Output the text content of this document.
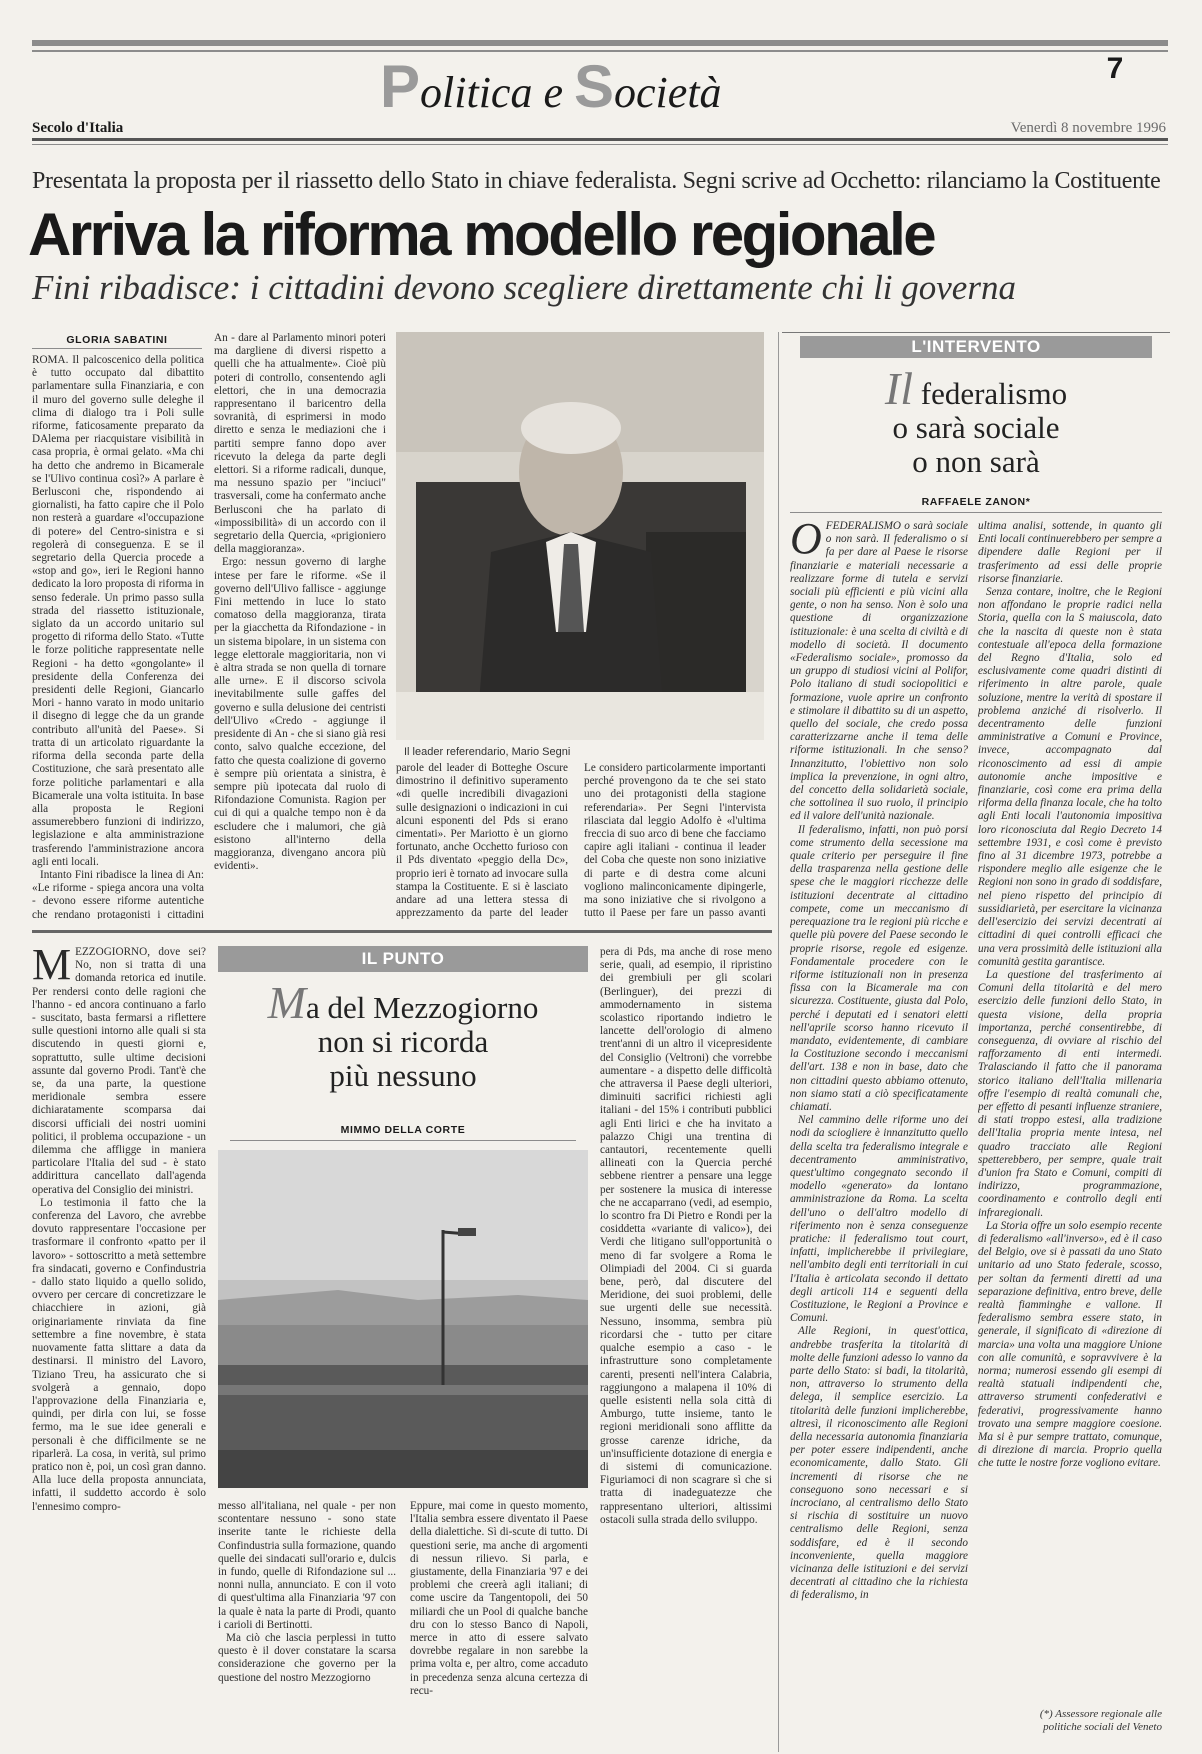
Politica e Società	7
Secolo d'Italia	Venerdì 8 novembre 1996
Presentata la proposta per il riassetto dello Stato in chiave federalista. Segni scrive ad Occhetto: rilanciamo la Costituente
Arriva la riforma modello regionale
Fini ribadisce: i cittadini devono scegliere direttamente chi li governa
GLORIA SABATINI

ROMA. Il palcoscenico della politica è tutto occupato dal dibattito parlamentare sulla Finanziaria, e con il muro del governo sulle deleghe il clima di dialogo tra i Poli sulle riforme, faticosamente preparato da DAlema per riacquistare visibilità in casa propria, è ormai gelato. «Ma chi ha detto che andremo in Bicamerale se l'Ulivo continua così?» A parlare è Berlusconi che, rispondendo ai giornalisti, ha fatto capire che il Polo non resterà a guardare «l'occupazione di potere» del Centro-sinistra e si regolerà di conseguenza. E se il segretario della Quercia procede a «stop and go», ieri le Regioni hanno dedicato la loro proposta di riforma in senso federale. Un primo passo sulla strada del riassetto istituzionale, siglato da un accordo unitario sul progetto di riforma dello Stato. «Tutte le forze politiche rappresentate nelle Regioni - ha detto «gongolante» il presidente della Conferenza dei presidenti delle Regioni, Giancarlo Mori - hanno varato in modo unitario il disegno di legge che da un grande contributo all'unità del Paese». Si tratta di un articolato riguardante la riforma della seconda parte della Costituzione, che sarà presentato alle forze politiche parlamentari e alla Bicamerale una volta istituita. In base alla proposta le Regioni assumerebbero funzioni di indirizzo, legislazione e alta amministrazione trasferendo l'amministrazione ancora agli enti locali.

Intanto Fini ribadisce la linea di An: «Le riforme - spiega ancora una volta - devono essere riforme autentiche che rendano protagonisti i cittadini

An - dare al Parlamento minori poteri ma dargliene di diversi rispetto a quelli che ha attualmente». Cioè più poteri di controllo, consentendo agli elettori, che in una democrazia rappresentano il baricentro della sovranità, di esprimersi in modo diretto e senza le mediazioni che i partiti sempre fanno dopo aver ricevuto la delega da parte degli elettori. Si a riforme radicali, dunque, ma nessuno spazio per "inciuci" trasversali, come ha confermato anche Berlusconi che ha parlato di «impossibilità» di un accordo con il segretario della Quercia, «prigioniero della maggioranza».

Ergo: nessun governo di larghe intese per fare le riforme. «Se il governo dell'Ulivo fallisce - aggiunge Fini mettendo in luce lo stato comatoso della maggioranza, tirata per la giacchetta da Rifondazione - in un sistema bipolare, in un sistema con legge elettorale maggioritaria, non vi è altra strada se non quella di tornare alle urne». E il discorso scivola inevitabilmente sulle gaffes del governo e sulla delusione dei centristi dell'Ulivo «Credo - aggiunge il presidente di An - che si siano già resi conto, salvo qualche eccezione, del fatto che questa coalizione di governo è sempre più orientata a sinistra, è sempre più ipotecata dal ruolo di Rifondazione Comunista. Ragion per cui di qui a qualche tempo non è da escludere che i malumori, che già esistono all'interno della maggioranza, divengano ancora più evidenti».

Il leader referendario, Mario Segni

parole del leader di Botteghe Oscure dimostrino il definitivo superamento «di quelle incredibili divagazioni sulle designazioni o indicazioni in cui alcuni esponenti del Pds si erano cimentati». Per Mariotto è un giorno fortunato, anche Occhetto furioso con il Pds diventato «peggio della Dc», proprio ieri è tornato ad invocare sulla stampa la Costituente. E si è lasciato andare ad una lettera stessa di apprezzamento da parte del leader

Le considero particolarmente importanti perché provengono da te che sei stato uno dei protagonisti della stagione referendaria». Per Segni l'intervista rilasciata dal leggio Adolfo è «l'ultima freccia di suo arco di bene che facciamo capire agli italiani - continua il leader del Coba che queste non sono iniziative di parte e di destra come alcuni vogliono malinconicamente dipingerle, ma sono iniziative che si rivolgono a tutto il Paese per fare un passo avanti

L'INTERVENTO
Il federalismo
o sarà sociale
o non sarà
RAFFAELE ZANON*

OFEDERALISMO o sarà sociale o non sarà. Il federalismo o si fa per dare al Paese le risorse finanziarie e materiali necessarie a realizzare forme di tutela e servizi sociali più efficienti e più vicini alla gente, o non ha senso. Non è solo una questione di organizzazione istituzionale: è una scelta di civiltà e di modello di società. Il documento «Federalismo sociale», promosso da un gruppo di studiosi vicini al Polifor, Polo italiano di studi sociopolitici e formazione, vuole aprire un confronto e stimolare il dibattito su di un aspetto, quello del sociale, che credo possa caratterizzarne anche il tema delle riforme istituzionali. In che senso? Innanzitutto, l'obiettivo non solo implica la prevenzione, in ogni altro, del concetto della solidarietà sociale, che sottolinea il suo ruolo, il principio ed il valore dell'unità nazionale.

Il federalismo, infatti, non può porsi come strumento della secessione ma quale criterio per perseguire il fine della trasparenza nella gestione delle spese che le maggiori ricchezze delle istituzioni decentrate al cittadino compete, come un meccanismo di perequazione tra le regioni più ricche e quelle più povere del Paese secondo le proprie risorse, regole ed esigenze. Fondamentale procedere con le riforme istituzionali non in presenza fissa con la Bicamerale ma con sicurezza. Costituente, giusta dal Polo, perché i deputati ed i senatori eletti nell'aprile scorso hanno ricevuto il mandato, evidentemente, di cambiare la Costituzione secondo i meccanismi dell'art. 138 e non in base, dato che non cittadini questo abbiamo ottenuto, non siamo stati a ciò specificatamente chiamati.

Nel cammino delle riforme uno dei nodi da sciogliere è innanzitutto quello della scelta tra federalismo integrale e decentramento amministrativo, quest'ultimo congegnato secondo il modello «generato» da lontano amministrazione da Roma. La scelta dell'uno o dell'altro modello di riferimento non è senza conseguenze pratiche: il federalismo tout court, infatti, implicherebbe il privilegiare, nell'ambito degli enti territoriali in cui l'Italia è articolata secondo il dettato degli articoli 114 e seguenti della Costituzione, le Regioni a Province e Comuni.

Alle Regioni, in quest'ottica, andrebbe trasferita la titolarità di molte delle funzioni adesso lo vanno da parte dello Stato: si badi, la titolarità, non, attraverso lo strumento della delega, il semplice esercizio. La titolarità delle funzioni implicherebbe, altresì, il riconoscimento alle Regioni della necessaria autonomia finanziaria per poter essere indipendenti, anche economicamente, dallo Stato. Gli incrementi di risorse che ne conseguono sono necessari e si incrociano, al centralismo dello Stato si rischia di sostituire un nuovo centralismo delle Regioni, senza soddisfare, ed è il secondo inconveniente, quella maggiore vicinanza delle istituzioni e dei servizi decentrati al cittadino che la richiesta di federalismo, in

ultima analisi, sottende, in quanto gli Enti locali continuerebbero per sempre a dipendere dalle Regioni per il trasferimento ad essi delle proprie risorse finanziarie.

Senza contare, inoltre, che le Regioni non affondano le proprie radici nella Storia, quella con la S maiuscola, dato che la nascita di queste non è stata contestuale all'epoca della formazione del Regno d'Italia, solo ed esclusivamente come quadri distinti di riferimento in altre parole, quale soluzione, mentre la verità di spostare il problema anziché di risolverlo. Il decentramento delle funzioni amministrative a Comuni e Province, invece, accompagnato dal riconoscimento ad essi di ampie autonomie anche impositive e finanziarie, così come era prima della riforma della finanza locale, che ha tolto agli Enti locali l'autonomia impositiva loro riconosciuta dal Regio Decreto 14 settembre 1931, e così come è previsto fino al 31 dicembre 1973, potrebbe a rispondere meglio alle esigenze che le Regioni non sono in grado di soddisfare, nel pieno rispetto del principio di sussidiarietà, per esercitare la vicinanza dell'esercizio dei servizi decentrati ai cittadini di quei controlli efficaci che una vera prossimità delle istituzioni alla comunità gestita garantisce.

La questione del trasferimento ai Comuni della titolarità e del mero esercizio delle funzioni dello Stato, in questa visione, della propria importanza, perché consentirebbe, di conseguenza, di ovviare al rischio del rafforzamento di enti intermedi. Tralasciando il fatto che il panorama storico italiano dell'Italia millenaria offre l'esempio di realtà comunali che, per effetto di pesanti influenze straniere, di stati troppo estesi, alla tradizione dell'Italia propria mente intesa, nel quadro tracciato alle Regioni spetterebbero, per sempre, quale trait d'union fra Stato e Comuni, compiti di indirizzo, programmazione, coordinamento e controllo degli enti infraregionali.

La Storia offre un solo esempio recente di federalismo «all'inverso», ed è il caso del Belgio, ove si è passati da uno Stato unitario ad uno Stato federale, scosso, per soltan da fermenti diretti ad una separazione definitiva, entro breve, delle realtà fiamminghe e vallone. Il federalismo sembra essere stato, in generale, il significato di «direzione di marcia» una volta una maggiore Unione con alle comunità, e sopravvivere è la norma; numerosi essendo gli esempi di realtà statuali indipendenti che, attraverso strumenti confederativi e federativi, progressivamente hanno trovato una sempre maggiore coesione. Ma si è pur sempre trattato, comunque, di direzione di marcia. Proprio quella che tutte le nostre forze vogliono evitare.

(*) Assessore regionale alle politiche sociali del Veneto

MEZZOGIORNO, dove sei? No, non si tratta di una domanda retorica ed inutile. Per rendersi conto delle ragioni che l'hanno - ed ancora continuano a farlo - suscitato, basta fermarsi a riflettere sulle questioni intorno alle quali si sta discutendo in questi giorni e, soprattutto, sulle ultime decisioni assunte dal governo Prodi. Tant'è che se, da una parte, la questione meridionale sembra essere dichiaratamente scomparsa dai discorsi ufficiali dei nostri uomini politici, il problema occupazione - un dilemma che affligge in maniera particolare l'Italia del sud - è stato addirittura cancellato dall'agenda operativa del Consiglio dei ministri.

Lo testimonia il fatto che la conferenza del Lavoro, che avrebbe dovuto rappresentare l'occasione per trasformare il confronto «patto per il lavoro» - sottoscritto a metà settembre fra sindacati, governo e Confindustria - dallo stato liquido a quello solido, ovvero per cercare di concretizzare le chiacchiere in azioni, già originariamente rinviata da fine settembre a fine novembre, è stata nuovamente fatta slittare a data da destinarsi. Il ministro del Lavoro, Tiziano Treu, ha assicurato che si svolgerà a gennaio, dopo l'approvazione della Finanziaria e, quindi, per dirla con lui, se fosse fermo, ma le sue idee generali e personali è che difficilmente se ne riparlerà. La cosa, in verità, sul primo pratico non è, poi, un così gran danno. Alla luce della proposta annunciata, infatti, il suddetto accordo è solo l'ennesimo compro-

IL PUNTO
Ma del Mezzogiorno
non si ricorda
più nessuno
MIMMO DELLA CORTE

messo all'italiana, nel quale - per non scontentare nessuno - sono state inserite tante le richieste della Confindustria sulla formazione, quando quelle dei sindacati sull'orario e, dulcis in fundo, quelle di Rifondazione sul ... nonni nulla, annunciato. E con il voto di quest'ultima alla Finanziaria '97 con la quale è nata la parte di Prodi, quanto i carioli di Bertinotti.

Ma ciò che lascia perplessi in tutto questo è il dover constatare la scarsa considerazione che governo per la questione del nostro Mezzogiorno

Eppure, mai come in questo momento, l'Italia sembra essere diventato il Paese della dialettiche. Sì di-scute di tutto. Di questioni serie, ma anche di argomenti di nessun rilievo. Si parla, e giustamente, della Finanziaria '97 e dei problemi che creerà agli italiani; di come uscire da Tangentopoli, dei 50 miliardi che un Pool di qualche banche dru con lo stesso Banco di Napoli, merce in atto di essere salvato dovrebbe regalare in non sarebbe la prima volta e, per altro, come accaduto in precedenza senza alcuna certezza di recu-

pera di Pds, ma anche di rose meno serie, quali, ad esempio, il ripristino dei grembiuli per gli scolari (Berlinguer), dei prezzi di ammodernamento in sistema scolastico riportando indietro le lancette dell'orologio di almeno trent'anni di un altro il vicepresidente del Consiglio (Veltroni) che vorrebbe aumentare - a dispetto delle difficoltà che attraversa il Paese degli ulteriori, diminuiti sacrifici richiesti agli italiani - del 15% i contributi pubblici agli Enti lirici e che ha invitato a palazzo Chigi una trentina di cantautori, recentemente quelli allineati con la Quercia perché sebbene rientrer a pensare una legge per sostenere la musica di interesse che ne accaparrano (vedi, ad esempio, lo scontro fra Di Pietro e Rondi per la cosiddetta «variante di valico»), dei Verdi che litigano sull'opportunità o meno di far svolgere a Roma le Olimpiadi del 2004. Ci si guarda bene, però, dal discutere del Meridione, dei suoi problemi, delle sue urgenti delle sue necessità. Nessuno, insomma, sembra più ricordarsi che - tutto per citare qualche esempio a caso - le infrastrutture sono completamente carenti, presenti nell'intera Calabria, raggiungono a malapena il 10% di quelle esistenti nella sola città di Amburgo, tutte insieme, tanto le regioni meridionali sono afflitte da grosse carenze idriche, da un'insufficiente dotazione di energia e di sistemi di comunicazione. Figuriamoci di non scagrare sì che si tratta di inadeguatezze che rappresentano ulteriori, altissimi ostacoli sulla strada dello sviluppo.
